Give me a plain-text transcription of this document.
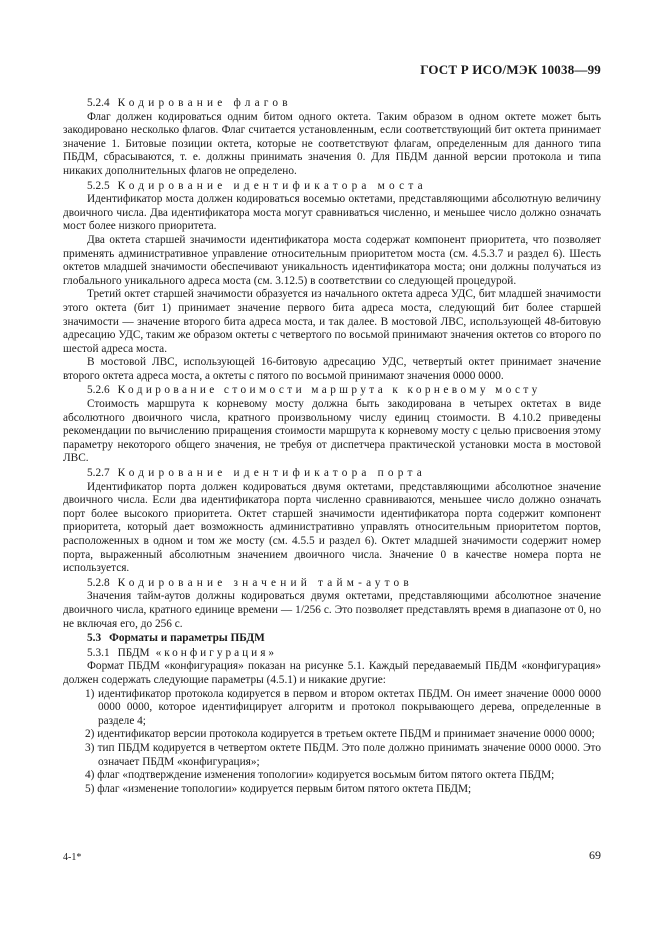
ГОСТ Р ИСО/МЭК 10038—99

5.2.4 Кодирование флагов

Флаг должен кодироваться одним битом одного октета. Таким образом в одном октете может быть закодировано несколько флагов. Флаг считается установленным, если соответствующий бит октета принимает значение 1. Битовые позиции октета, которые не соответствуют флагам, определенным для данного типа ПБДМ, сбрасываются, т. е. должны принимать значения 0. Для ПБДМ данной версии протокола и типа никаких дополнительных флагов не определено.

5.2.5 Кодирование идентификатора моста

Идентификатор моста должен кодироваться восемью октетами, представляющими абсолютную величину двоичного числа. Два идентификатора моста могут сравниваться численно, и меньшее число должно означать мост более низкого приоритета.

Два октета старшей значимости идентификатора моста содержат компонент приоритета, что позволяет применять административное управление относительным приоритетом моста (см. 4.5.3.7 и раздел 6). Шесть октетов младшей значимости обеспечивают уникальность идентификатора моста; они должны получаться из глобального уникального адреса моста (см. 3.12.5) в соответствии со следующей процедурой.

Третий октет старшей значимости образуется из начального октета адреса УДС, бит младшей значимости этого октета (бит 1) принимает значение первого бита адреса моста, следующий бит более старшей значимости — значение второго бита адреса моста, и так далее. В мостовой ЛВС, использующей 48-битовую адресацию УДС, таким же образом октеты с четвертого по восьмой принимают значения октетов со второго по шестой адреса моста.

В мостовой ЛВС, использующей 16-битовую адресацию УДС, четвертый октет принимает значение второго октета адреса моста, а октеты с пятого по восьмой принимают значения 0000 0000.

5.2.6 Кодирование стоимости маршрута к корневому мосту

Стоимость маршрута к корневому мосту должна быть закодирована в четырех октетах в виде абсолютного двоичного числа, кратного произвольному числу единиц стоимости. В 4.10.2 приведены рекомендации по вычислению приращения стоимости маршрута к корневому мосту с целью присвоения этому параметру некоторого общего значения, не требуя от диспетчера практической установки моста в мостовой ЛВС.

5.2.7 Кодирование идентификатора порта

Идентификатор порта должен кодироваться двумя октетами, представляющими абсолютное значение двоичного числа. Если два идентификатора порта численно сравниваются, меньшее число должно означать порт более высокого приоритета. Октет старшей значимости идентификатора порта содержит компонент приоритета, который дает возможность административно управлять относительным приоритетом портов, расположенных в одном и том же мосту (см. 4.5.5 и раздел 6). Октет младшей значимости содержит номер порта, выраженный абсолютным значением двоичного числа. Значение 0 в качестве номера порта не используется.

5.2.8 Кодирование значений тайм-аутов

Значения тайм-аутов должны кодироваться двумя октетами, представляющими абсолютное значение двоичного числа, кратного единице времени — 1/256 с. Это позволяет представлять время в диапазоне от 0, но не включая его, до 256 с.

5.3 Форматы и параметры ПБДМ

5.3.1 ПБДМ «конфигурация»

Формат ПБДМ «конфигурация» показан на рисунке 5.1. Каждый передаваемый ПБДМ «конфигурация» должен содержать следующие параметры (4.5.1) и никакие другие:

1) идентификатор протокола кодируется в первом и втором октетах ПБДМ. Он имеет значение 0000 0000 0000 0000, которое идентифицирует алгоритм и протокол покрывающего дерева, определенные в разделе 4;

2) идентификатор версии протокола кодируется в третьем октете ПБДМ и принимает значение 0000 0000;

3) тип ПБДМ кодируется в четвертом октете ПБДМ. Это поле должно принимать значение 0000 0000. Это означает ПБДМ «конфигурация»;

4) флаг «подтверждение изменения топологии» кодируется восьмым битом пятого октета ПБДМ;

5) флаг «изменение топологии» кодируется первым битом пятого октета ПБДМ;

4-1*	69
